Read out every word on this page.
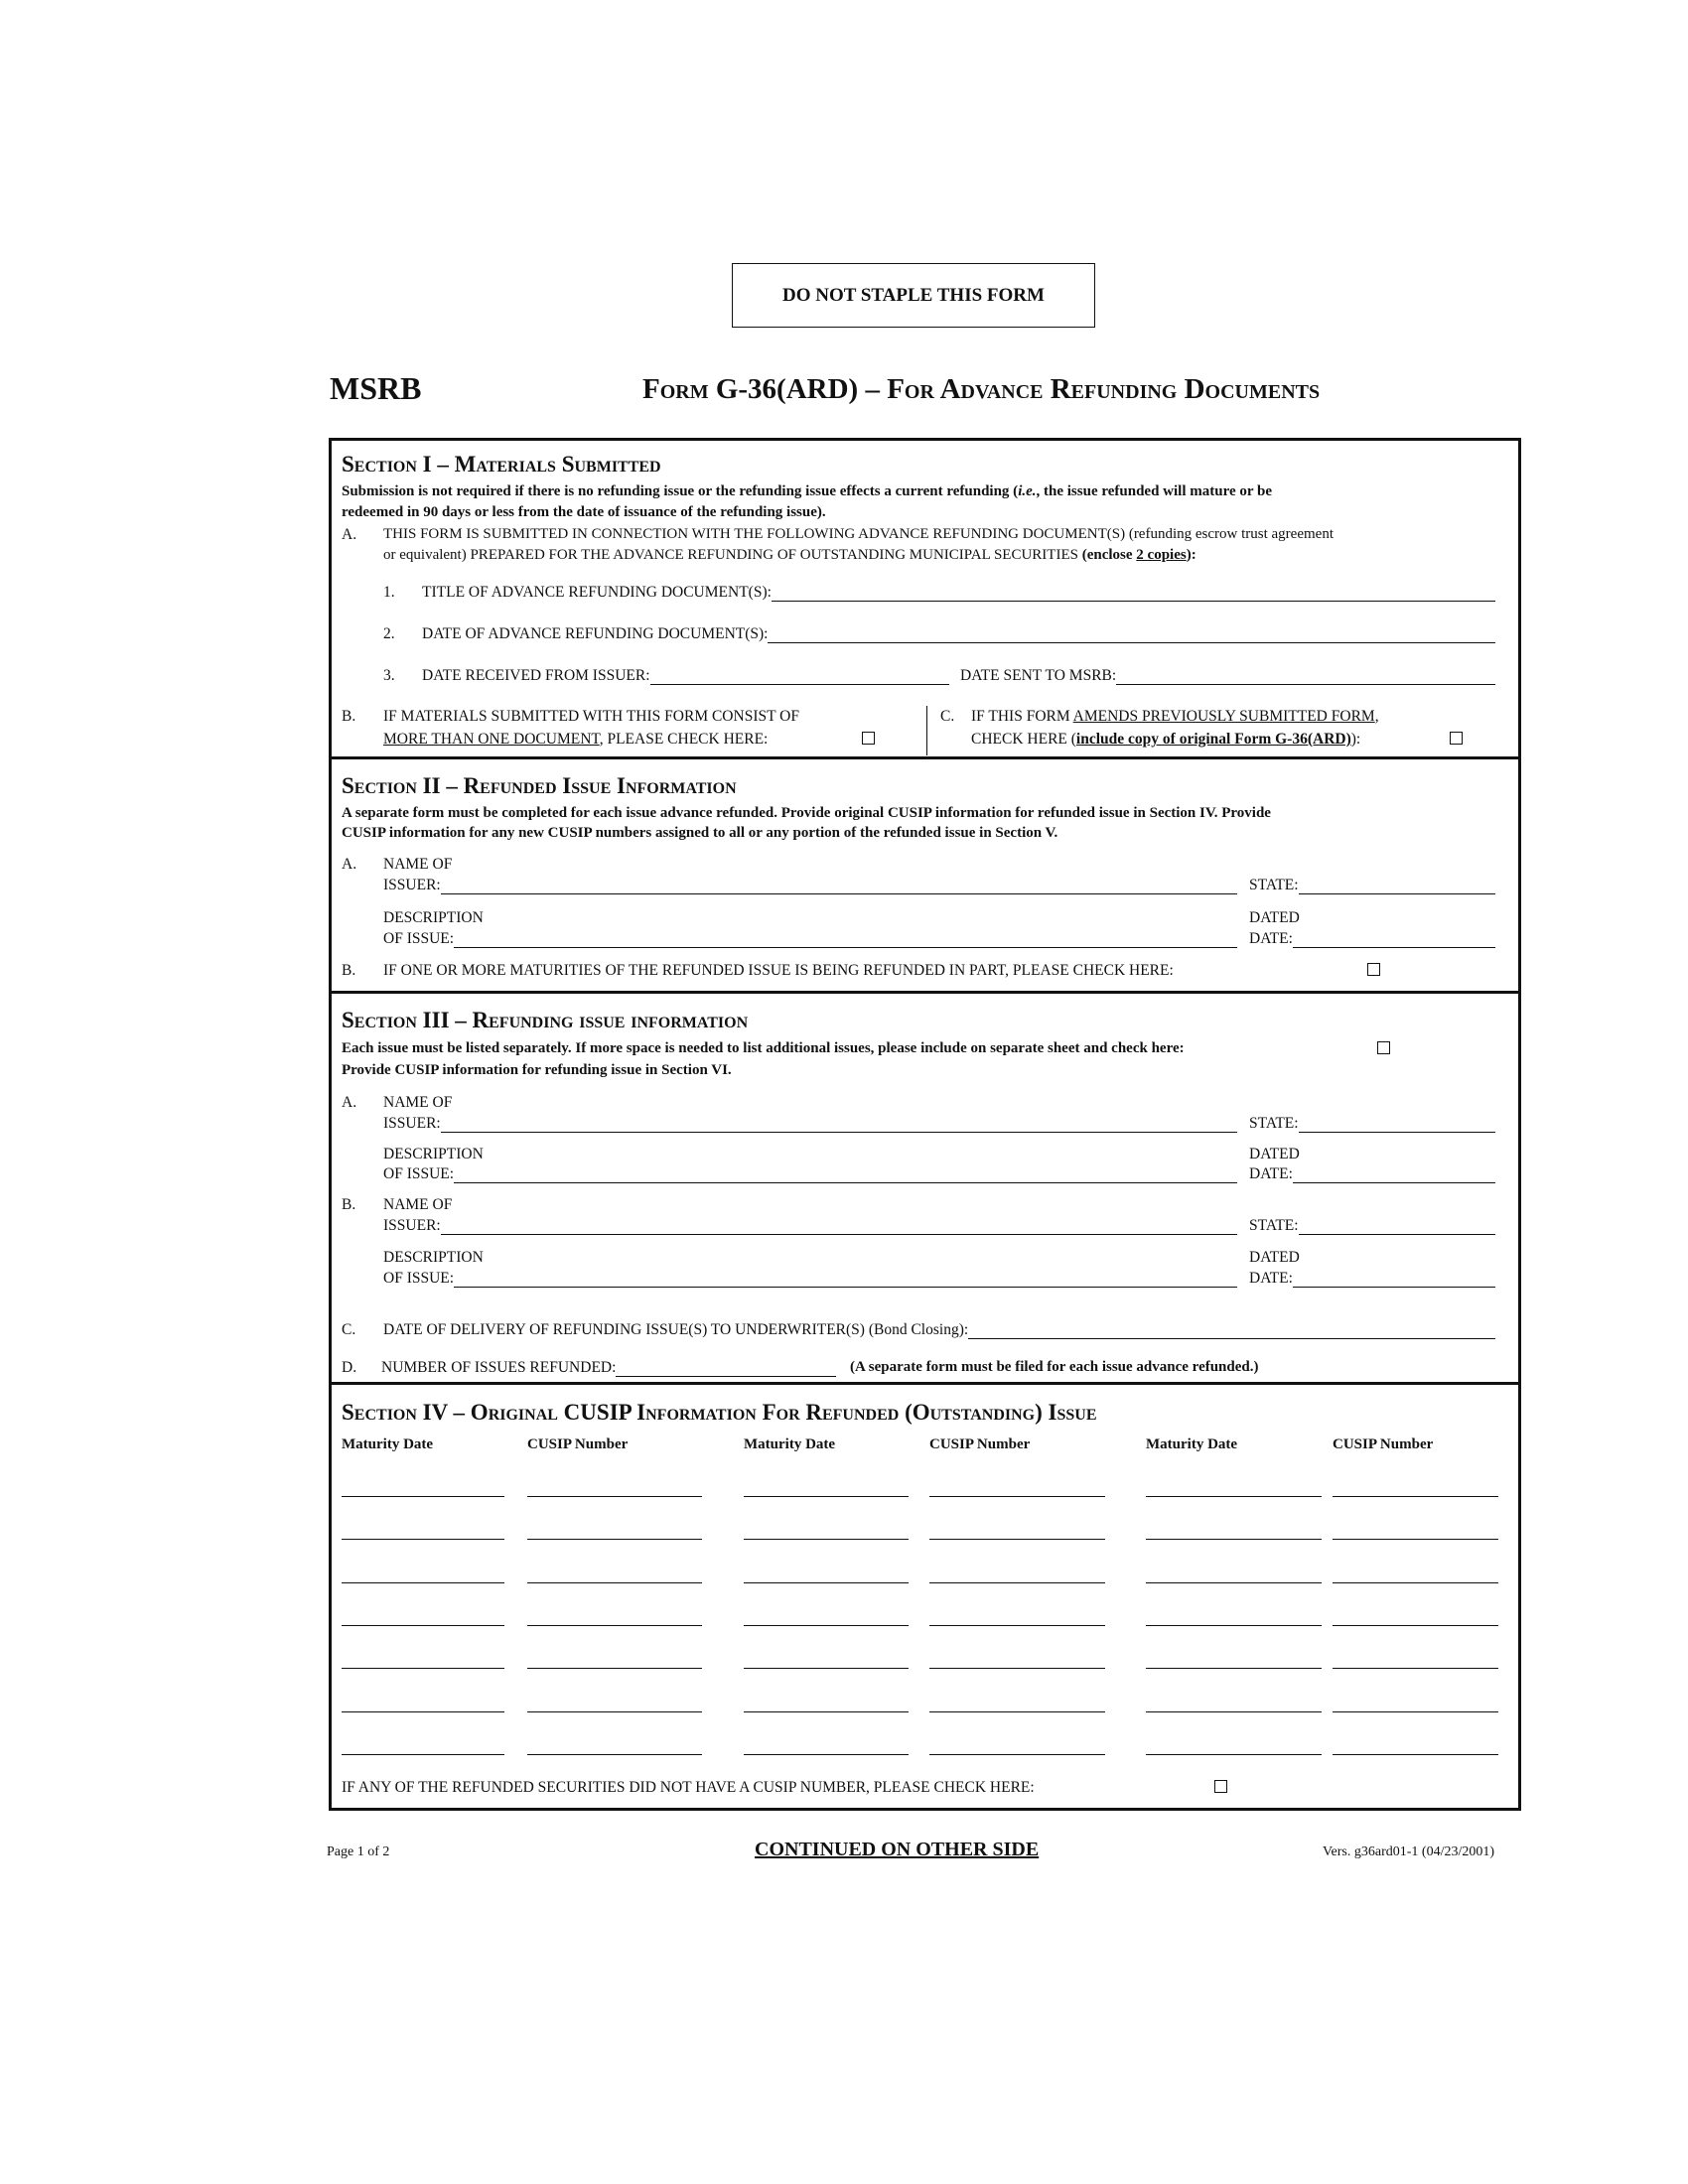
DO NOT STAPLE THIS FORM
MSRB	Form G-36(ARD) – For Advance Refunding Documents
Section I – Materials Submitted
Submission is not required if there is no refunding issue or the refunding issue effects a current refunding (i.e., the issue refunded will mature or be
redeemed in 90 days or less from the date of issuance of the refunding issue).
A. THIS FORM IS SUBMITTED IN CONNECTION WITH THE FOLLOWING ADVANCE REFUNDING DOCUMENT(S) (refunding escrow trust agreement
or equivalent) PREPARED FOR THE ADVANCE REFUNDING OF OUTSTANDING MUNICIPAL SECURITIES (enclose 2 copies):
1.	TITLE OF ADVANCE REFUNDING DOCUMENT(S):
2.	DATE OF ADVANCE REFUNDING DOCUMENT(S):
3.	DATE RECEIVED FROM ISSUER:	DATE SENT TO MSRB:
B. IF MATERIALS SUBMITTED WITH THIS FORM CONSIST OF
MORE THAN ONE DOCUMENT, PLEASE CHECK HERE:
C. IF THIS FORM AMENDS PREVIOUSLY SUBMITTED FORM,
CHECK HERE (include copy of original Form G-36(ARD)):
Section II – Refunded Issue Information
A separate form must be completed for each issue advance refunded. Provide original CUSIP information for refunded issue in Section IV. Provide
CUSIP information for any new CUSIP numbers assigned to all or any portion of the refunded issue in Section V.
A. NAME OF
ISSUER:	STATE:
DESCRIPTION	DATED
OF ISSUE:	DATE:
B. IF ONE OR MORE MATURITIES OF THE REFUNDED ISSUE IS BEING REFUNDED IN PART, PLEASE CHECK HERE:
Section III – Refunding issue information
Each issue must be listed separately. If more space is needed to list additional issues, please include on separate sheet and check here:
Provide CUSIP information for refunding issue in Section VI.
A. NAME OF
ISSUER:	STATE:
DESCRIPTION	DATED
OF ISSUE:	DATE:
B. NAME OF
ISSUER:	STATE:
DESCRIPTION	DATED
OF ISSUE:	DATE:
C. DATE OF DELIVERY OF REFUNDING ISSUE(S) TO UNDERWRITER(S) (Bond Closing):
D. NUMBER OF ISSUES REFUNDED:	(A separate form must be filed for each issue advance refunded.)
Section IV – Original CUSIP Information For Refunded (Outstanding) Issue
Maturity Date	CUSIP Number	Maturity Date	CUSIP Number	Maturity Date	CUSIP Number
IF ANY OF THE REFUNDED SECURITIES DID NOT HAVE A CUSIP NUMBER, PLEASE CHECK HERE:
Page 1 of 2	CONTINUED ON OTHER SIDE	Vers. g36ard01-1 (04/23/2001)
